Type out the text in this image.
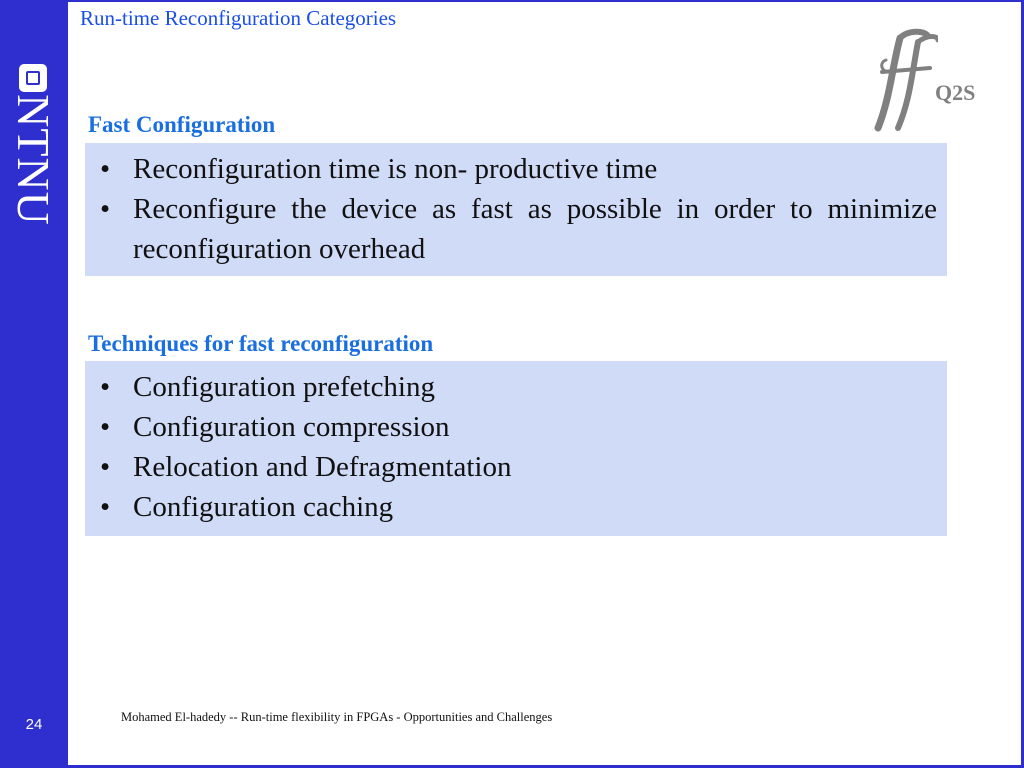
NTNU
24
Run-time Reconfiguration Categories
Q2S
Fast Configuration
• Reconfiguration time is non- productive time
• Reconfigure the device as fast as possible in order to minimize reconfiguration overhead
Techniques for fast reconfiguration
• Configuration prefetching
• Configuration compression
• Relocation and Defragmentation
• Configuration caching
Mohamed El-hadedy -- Run-time flexibility in FPGAs - Opportunities and Challenges
